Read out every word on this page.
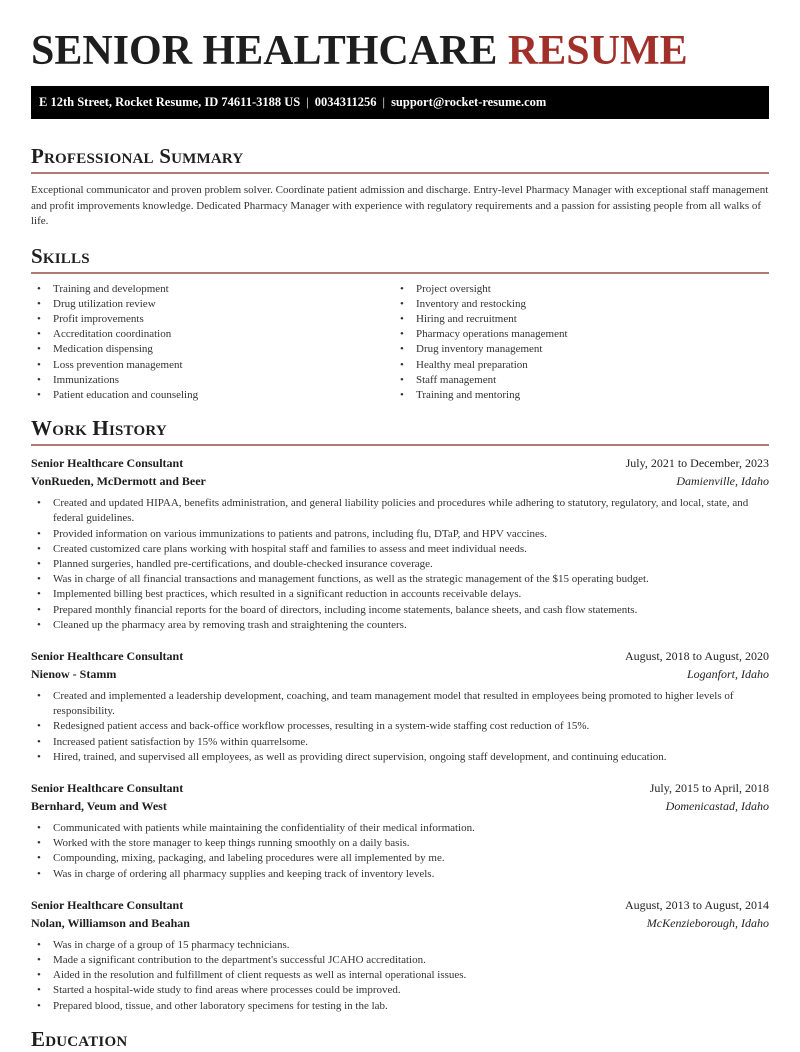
SENIOR HEALTHCARE RESUME
E 12th Street, Rocket Resume, ID 74611-3188 US | 0034311256 | support@rocket-resume.com
Professional Summary

Exceptional communicator and proven problem solver. Coordinate patient admission and discharge. Entry-level Pharmacy Manager with exceptional staff management and profit improvements knowledge. Dedicated Pharmacy Manager with experience with regulatory requirements and a passion for assisting people from all walks of life.

Skills
• Training and development
• Drug utilization review
• Profit improvements
• Accreditation coordination
• Medication dispensing
• Loss prevention management
• Immunizations
• Patient education and counseling
• Project oversight
• Inventory and restocking
• Hiring and recruitment
• Pharmacy operations management
• Drug inventory management
• Healthy meal preparation
• Staff management
• Training and mentoring
Work History
Senior Healthcare Consultant	July, 2021 to December, 2023
VonRueden, McDermott and Beer	Damienville, Idaho
• Created and updated HIPAA, benefits administration, and general liability policies and procedures while adhering to statutory, regulatory, and local, state, and federal guidelines.
• Provided information on various immunizations to patients and patrons, including flu, DTaP, and HPV vaccines.
• Created customized care plans working with hospital staff and families to assess and meet individual needs.
• Planned surgeries, handled pre-certifications, and double-checked insurance coverage.
• Was in charge of all financial transactions and management functions, as well as the strategic management of the $15 operating budget.
• Implemented billing best practices, which resulted in a significant reduction in accounts receivable delays.
• Prepared monthly financial reports for the board of directors, including income statements, balance sheets, and cash flow statements.
• Cleaned up the pharmacy area by removing trash and straightening the counters.
Senior Healthcare Consultant	August, 2018 to August, 2020
Nienow - Stamm	Loganfort, Idaho
• Created and implemented a leadership development, coaching, and team management model that resulted in employees being promoted to higher levels of responsibility.
• Redesigned patient access and back-office workflow processes, resulting in a system-wide staffing cost reduction of 15%.
• Increased patient satisfaction by 15% within quarrelsome.
• Hired, trained, and supervised all employees, as well as providing direct supervision, ongoing staff development, and continuing education.
Senior Healthcare Consultant	July, 2015 to April, 2018
Bernhard, Veum and West	Domenicastad, Idaho
• Communicated with patients while maintaining the confidentiality of their medical information.
• Worked with the store manager to keep things running smoothly on a daily basis.
• Compounding, mixing, packaging, and labeling procedures were all implemented by me.
• Was in charge of ordering all pharmacy supplies and keeping track of inventory levels.
Senior Healthcare Consultant	August, 2013 to August, 2014
Nolan, Williamson and Beahan	McKenzieborough, Idaho
• Was in charge of a group of 15 pharmacy technicians.
• Made a significant contribution to the department's successful JCAHO accreditation.
• Aided in the resolution and fulfillment of client requests as well as internal operational issues.
• Started a hospital-wide study to find areas where processes could be improved.
• Prepared blood, tissue, and other laboratory specimens for testing in the lab.
Education
